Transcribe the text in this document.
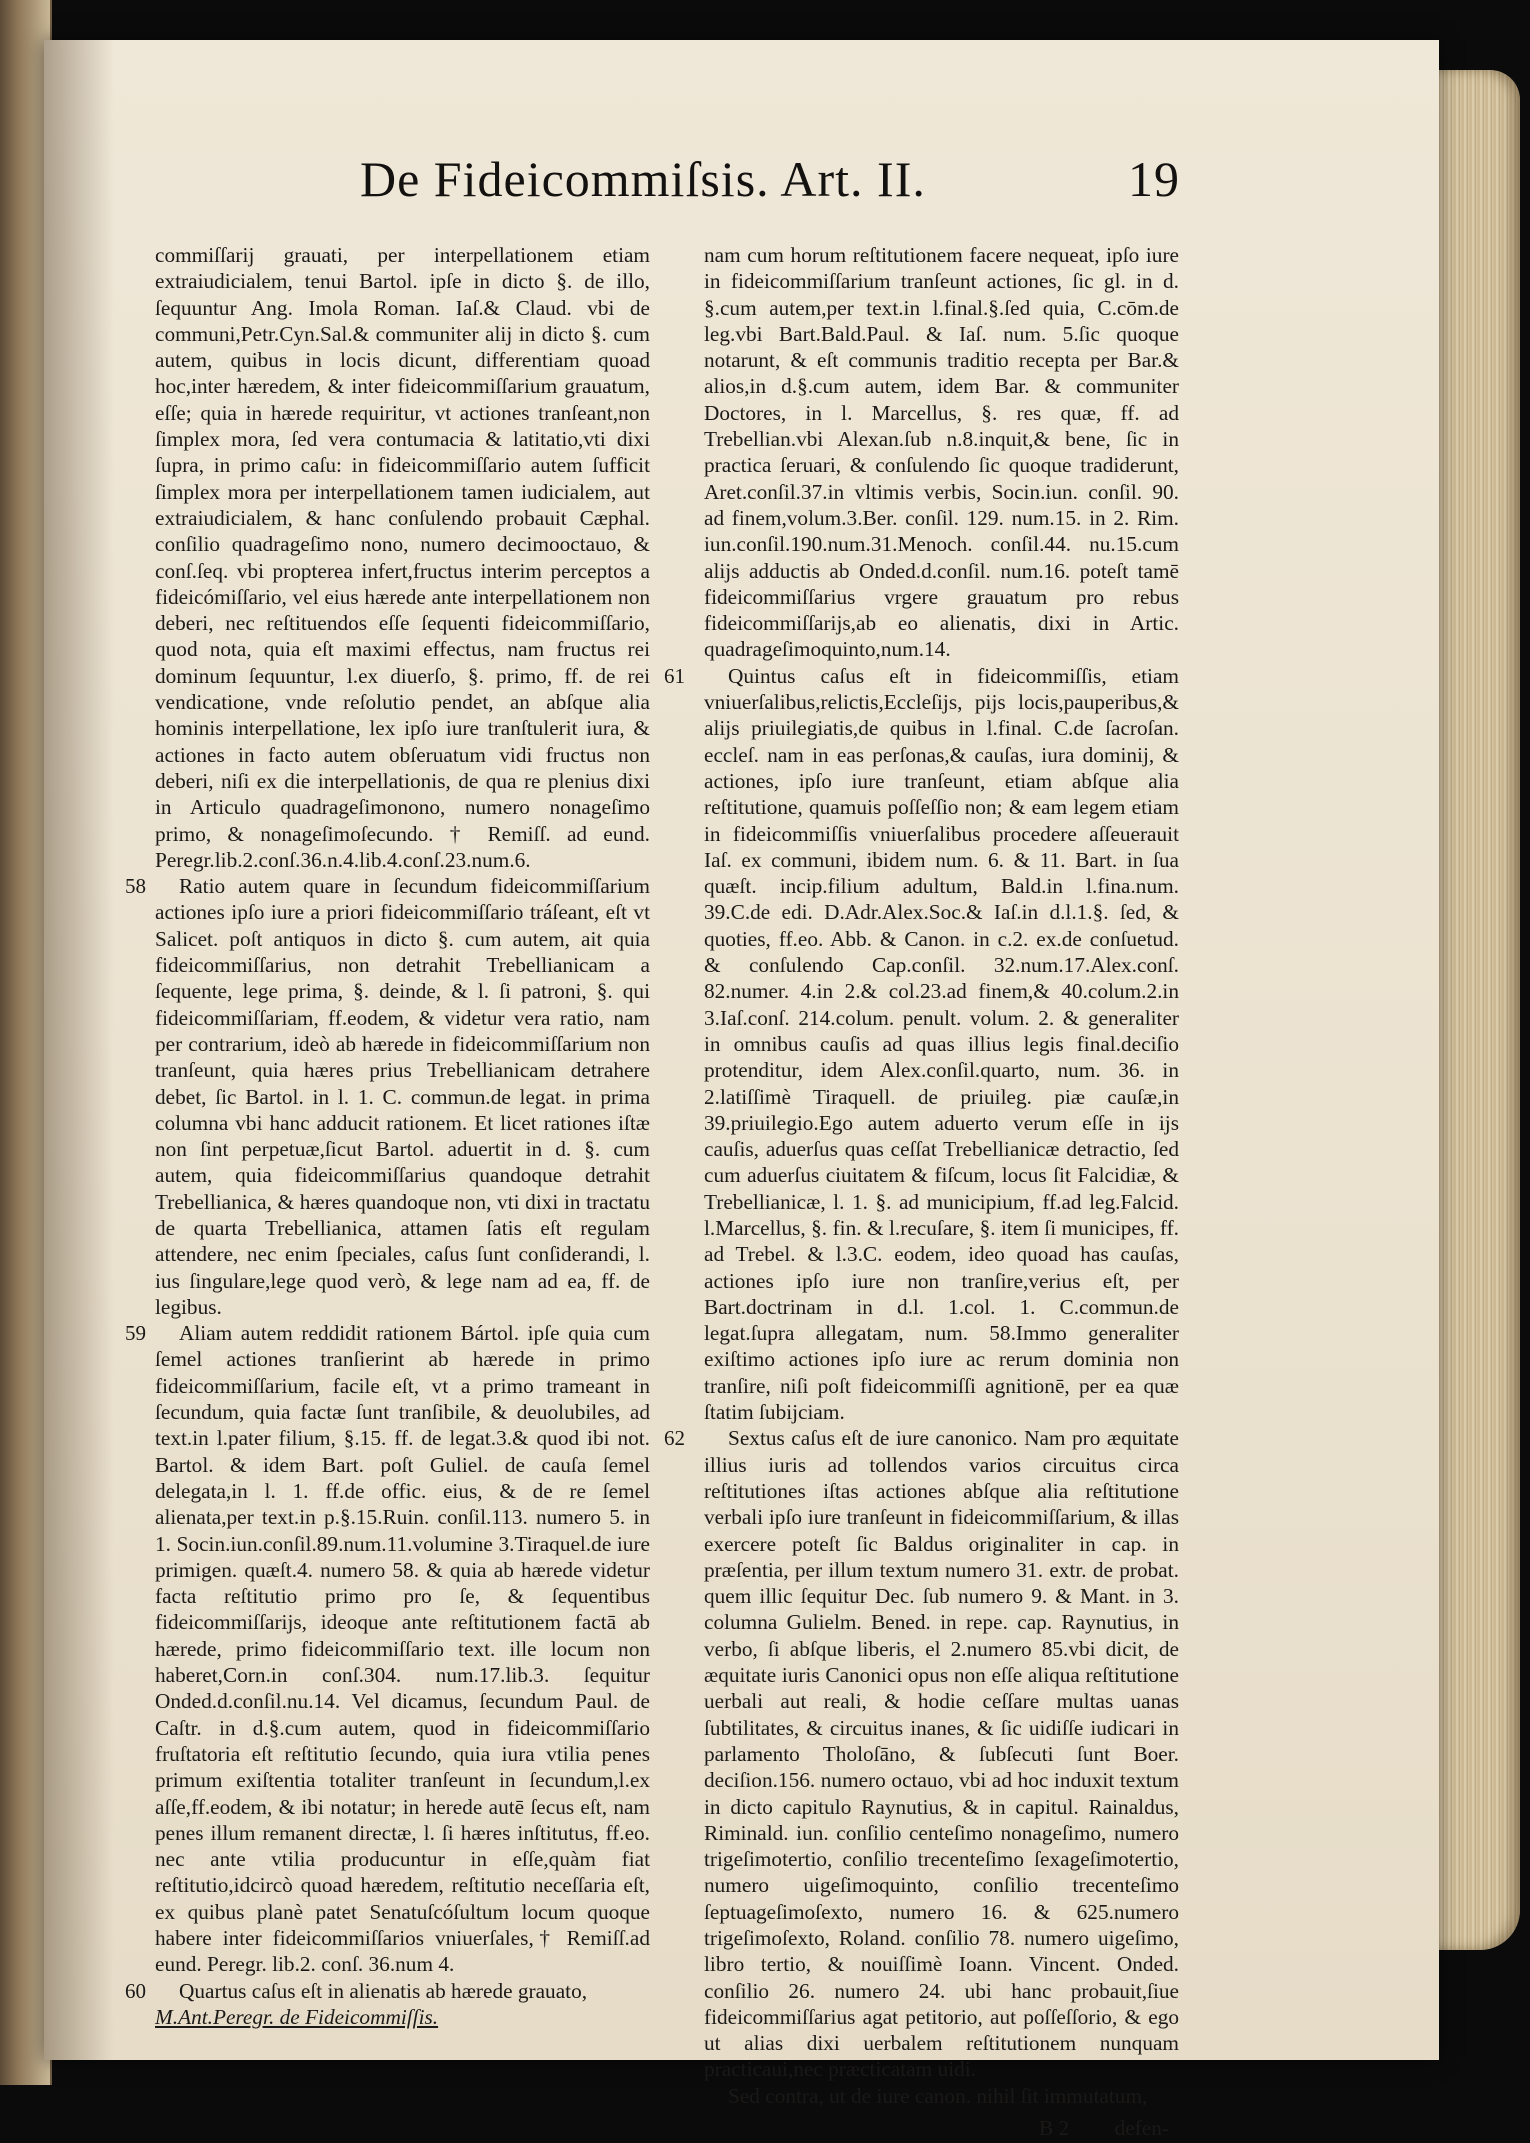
De Fideicommiſsis. Art. II.	19

commiſſarij grauati, per interpellationem etiam extraiudicialem, tenui Bartol. ipſe in dicto §. de illo, ſequuntur Ang. Imola Roman. Iaſ.& Claud. vbi de communi,Petr.Cyn.Sal.& communiter alij in dicto §. cum autem, quibus in locis dicunt, differentiam quoad hoc,inter hæredem, & inter fideicommiſſarium grauatum, eſſe; quia in hærede requiritur, vt actiones tranſeant,non ſimplex mora, ſed vera contumacia & latitatio,vti dixi ſupra, in primo caſu: in fideicommiſſario autem ſufficit ſimplex mora per interpellationem tamen iudicialem, aut extraiudicialem, & hanc conſulendo probauit Cæphal. conſilio quadrageſimo nono, numero decimooctauo, & conſ.ſeq. vbi propterea infert,fructus interim perceptos a fideicómiſſario, vel eius hærede ante interpellationem non deberi, nec reſtituendos eſſe ſequenti fideicommiſſario, quod nota, quia eſt maximi effectus, nam fructus rei dominum ſequuntur, l.ex diuerſo, §. primo, ff. de rei vendicatione, vnde reſolutio pendet, an abſque alia hominis interpellatione, lex ipſo iure tranſtulerit iura, & actiones in facto autem obſeruatum vidi fructus non deberi, niſi ex die interpellationis, de qua re plenius dixi in Articulo quadrageſimonono, numero nonageſimo primo, & nonageſimoſecundo. † Remiſſ. ad eund. Peregr.lib.2.conſ.36.n.4.lib.4.conſ.23.num.6.

58	Ratio autem quare in ſecundum fideicommiſſarium actiones ipſo iure a priori fideicommiſſario tráſeant, eſt vt Salicet. poſt antiquos in dicto §. cum autem, ait quia fideicommiſſarius, non detrahit Trebellianicam a ſequente, lege prima, §. deinde, & l. ſi patroni, §. qui fideicommiſſariam, ff.eodem, & videtur vera ratio, nam per contrarium, ideò ab hærede in fideicommiſſarium non tranſeunt, quia hæres prius Trebellianicam detrahere debet, ſic Bartol. in l. 1. C. commun.de legat. in prima columna vbi hanc adducit rationem. Et licet rationes iſtæ non ſint perpetuæ,ſicut Bartol. aduertit in d. §. cum autem, quia fideicommiſſarius quandoque detrahit Trebellianica, & hæres quandoque non, vti dixi in tractatu de quarta Trebellianica, attamen ſatis eſt regulam attendere, nec enim ſpeciales, caſus ſunt conſiderandi, l. ius ſingulare,lege quod verò, & lege nam ad ea, ff. de legibus.

59	Aliam autem reddidit rationem Bártol. ipſe quia cum ſemel actiones tranſierint ab hærede in primo fideicommiſſarium, facile eſt, vt a primo trameant in ſecundum, quia factæ ſunt tranſibile, & deuolubiles, ad text.in l.pater filium, §.15. ff. de legat.3.& quod ibi not. Bartol. & idem Bart. poſt Guliel. de cauſa ſemel delegata,in l. 1. ff.de offic. eius, & de re ſemel alienata,per text.in p.§.15.Ruin. conſil.113. numero 5. in 1. Socin.iun.conſil.89.num.11.volumine 3.Tiraquel.de iure primigen. quæſt.4. numero 58. & quia ab hærede videtur facta reſtitutio primo pro ſe, & ſequentibus fideicommiſſarijs, ideoque ante reſtitutionem factā ab hærede, primo fideicommiſſario text. ille locum non haberet,Corn.in conſ.304. num.17.lib.3. ſequitur Onded.d.conſil.nu.14. Vel dicamus, ſecundum Paul. de Caſtr. in d.§.cum autem, quod in fideicommiſſario fruſtatoria eſt reſtitutio ſecundo, quia iura vtilia penes primum exiſtentia totaliter tranſeunt in ſecundum,l.ex aſſe,ff.eodem, & ibi notatur; in herede autē ſecus eſt, nam penes illum remanent directæ, l. ſi hæres inſtitutus, ff.eo. nec ante vtilia producuntur in eſſe,quàm fiat reſtitutio,idcircò quoad hæredem, reſtitutio neceſſaria eſt, ex quibus planè patet Senatuſcóſultum locum quoque habere inter fideicommiſſarios vniuerſales,† Remiſſ.ad eund. Peregr. lib.2. conſ. 36.num 4.

60	Quartus caſus eſt in alienatis ab hærede grauato,

M.Ant.Peregr. de Fideicommiſſis.

nam cum horum reſtitutionem facere nequeat, ipſo iure in fideicommiſſarium tranſeunt actiones, ſic gl. in d. §.cum autem,per text.in l.final.§.ſed quia, C.cōm.de leg.vbi Bart.Bald.Paul. & Iaſ. num. 5.ſic quoque notarunt, & eſt communis traditio recepta per Bar.& alios,in d.§.cum autem, idem Bar. & communiter Doctores, in l. Marcellus, §. res quæ, ff. ad Trebellian.vbi Alexan.ſub n.8.inquit,& bene, ſic in practica ſeruari, & conſulendo ſic quoque tradiderunt, Aret.conſil.37.in vltimis verbis, Socin.iun. conſil. 90. ad finem,volum.3.Ber. conſil. 129. num.15. in 2. Rim. iun.conſil.190.num.31.Menoch. conſil.44. nu.15.cum alijs adductis ab Onded.d.conſil. num.16. poteſt tamē fideicommiſſarius vrgere grauatum pro rebus fideicommiſſarijs,ab eo alienatis, dixi in Artic. quadrageſimoquinto,num.14.

61	Quintus caſus eſt in fideicommiſſis, etiam vniuerſalibus,relictis,Eccleſijs, pijs locis,pauperibus,& alijs priuilegiatis,de quibus in l.final. C.de ſacroſan. eccleſ. nam in eas perſonas,& cauſas, iura dominij, & actiones, ipſo iure tranſeunt, etiam abſque alia reſtitutione, quamuis poſſeſſio non; & eam legem etiam in fideicommiſſis vniuerſalibus procedere aſſeuerauit Iaſ. ex communi, ibidem num. 6. & 11. Bart. in ſua quæſt. incip.filium adultum, Bald.in l.fina.num. 39.C.de edi. D.Adr.Alex.Soc.& Iaſ.in d.l.1.§. ſed, & quoties, ff.eo. Abb. & Canon. in c.2. ex.de conſuetud. & conſulendo Cap.conſil. 32.num.17.Alex.conſ. 82.numer. 4.in 2.& col.23.ad finem,& 40.colum.2.in 3.Iaſ.conſ. 214.colum. penult. volum. 2. & generaliter in omnibus cauſis ad quas illius legis final.deciſio protenditur, idem Alex.conſil.quarto, num. 36. in 2.latiſſimè Tiraquell. de priuileg. piæ cauſæ,in 39.priuilegio.Ego autem aduerto verum eſſe in ijs cauſis, aduerſus quas ceſſat Trebellianicæ detractio, ſed cum aduerſus ciuitatem & fiſcum, locus ſit Falcidiæ, & Trebellianicæ, l. 1. §. ad municipium, ff.ad leg.Falcid. l.Marcellus, §. fin. & l.recuſare, §. item ſi municipes, ff. ad Trebel. & l.3.C. eodem, ideo quoad has cauſas, actiones ipſo iure non tranſire,verius eſt, per Bart.doctrinam in d.l. 1.col. 1. C.commun.de legat.ſupra allegatam, num. 58.Immo generaliter exiſtimo actiones ipſo iure ac rerum dominia non tranſire, niſi poſt fideicommiſſi agnitionē, per ea quæ ſtatim ſubijciam.

62	Sextus caſus eſt de iure canonico. Nam pro æquitate illius iuris ad tollendos varios circuitus circa reſtitutiones iſtas actiones abſque alia reſtitutione verbali ipſo iure tranſeunt in fideicommiſſarium, & illas exercere poteſt ſic Baldus originaliter in cap. in præſentia, per illum textum numero 31. extr. de probat. quem illic ſequitur Dec. ſub numero 9. & Mant. in 3. columna Gulielm. Bened. in repe. cap. Raynutius, in verbo, ſi abſque liberis, el 2.numero 85.vbi dicit, de æquitate iuris Canonici opus non eſſe aliqua reſtitutione uerbali aut reali, & hodie ceſſare multas uanas ſubtilitates, & circuitus inanes, & ſic uidiſſe iudicari in parlamento Tholoſāno, & ſubſecuti ſunt Boer. deciſion.156. numero octauo, vbi ad hoc induxit textum in dicto capitulo Raynutius, & in capitul. Rainaldus, Riminald. iun. conſilio centeſimo nonageſimo, numero trigeſimotertio, conſilio trecenteſimo ſexageſimotertio, numero uigeſimoquinto, conſilio trecenteſimo ſeptuageſimoſexto, numero 16. & 625.numero trigeſimoſexto, Roland. conſilio 78. numero uigeſimo, libro tertio, & nouiſſimè Ioann. Vincent. Onded. conſilio 26. numero 24. ubi hanc probauit,ſiue fideicommiſſarius agat petitorio, aut poſſeſſorio, & ego ut alias dixi uerbalem reſtitutionem nunquam practicaui,nec præcticatam uidi.

Sed contra, ut de iure canon. nihil ſit immutatum,

B 2 defen-
